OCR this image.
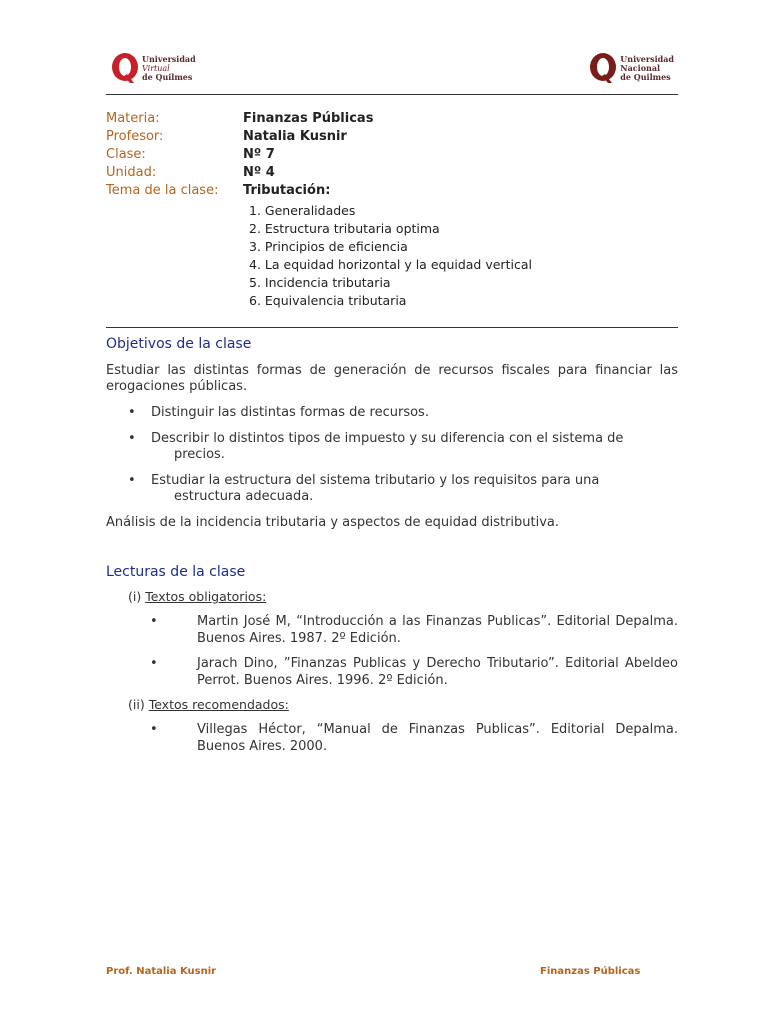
Universidad
Virtual
de Quilmes
Universidad
Nacional
de Quilmes
Materia:	Finanzas Públicas
Profesor:	Natalia Kusnir
Clase:	Nº 7
Unidad:	Nº 4
Tema de la clase:	Tributación:
1. Generalidades
2. Estructura tributaria optima
3. Principios de eficiencia
4. La equidad horizontal y la equidad vertical
5. Incidencia tributaria
6. Equivalencia tributaria
Objetivos de la clase
Estudiar las distintas formas de generación de recursos fiscales para financiar las erogaciones públicas.
• Distinguir las distintas formas de recursos.
• Describir lo distintos tipos de impuesto y su diferencia con el sistema de
precios.
• Estudiar la estructura del sistema tributario y los requisitos para una
estructura adecuada.
Análisis de la incidencia tributaria y aspectos de equidad distributiva.
Lecturas de la clase
(i) Textos obligatorios:
•	Martin José M, “Introducción a las Finanzas Publicas”. Editorial Depalma. Buenos Aires. 1987. 2º Edición.
•	Jarach Dino, ”Finanzas Publicas y Derecho Tributario”. Editorial Abeldeo Perrot. Buenos Aires. 1996. 2º Edición.
(ii) Textos recomendados:
•	Villegas Héctor, “Manual de Finanzas Publicas”. Editorial Depalma. Buenos Aires. 2000.
Prof. Natalia Kusnir	Finanzas Públicas
